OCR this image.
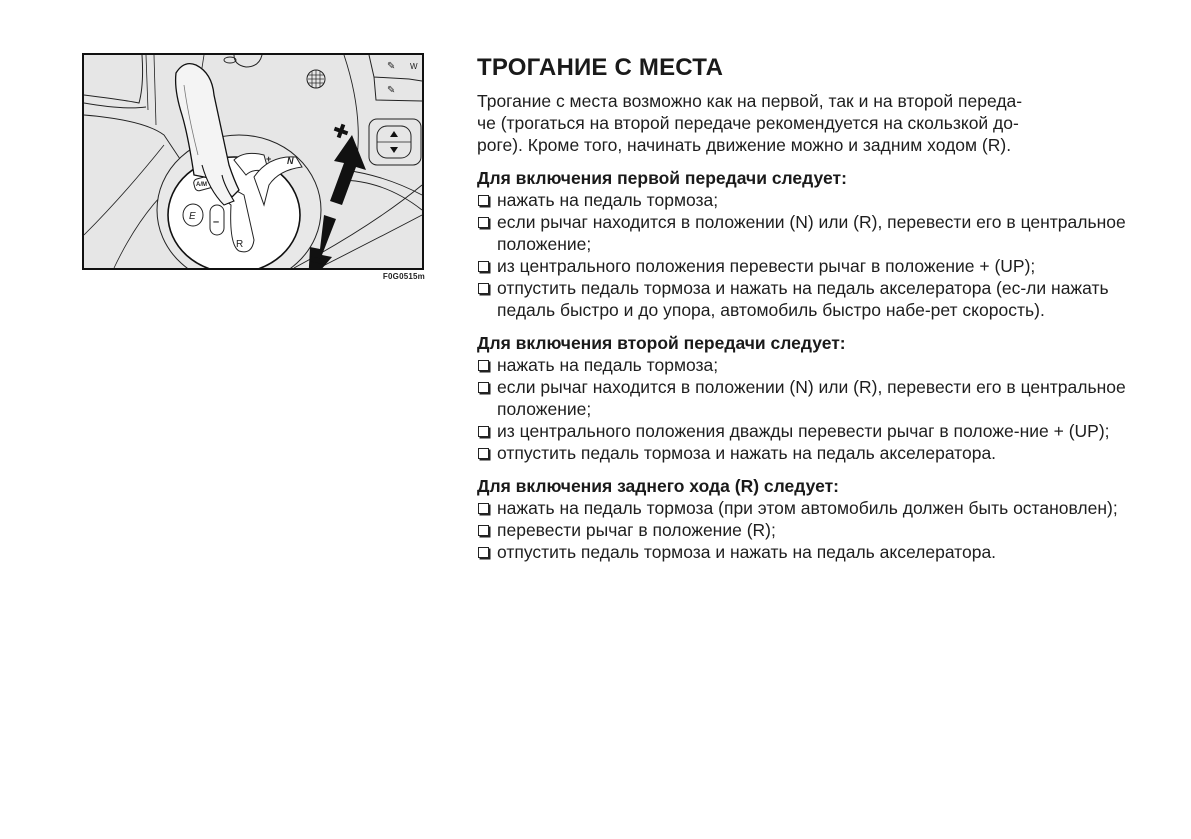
✎
✎
W
+ N
A/M
E –
R
F0G0515m
ТРОГАНИЕ С МЕСТА

Трогание с места возможно как на первой, так и на второй переда-
че (трогаться на второй передаче рекомендуется на скользкой до-
роге). Кроме того, начинать движение можно и задним ходом (R).

Для включения первой передачи следует:
нажать на педаль тормоза;
если рычаг находится в положении (N) или (R), перевести его в центральное положение;
из центрального положения перевести рычаг в положение + (UP);
отпустить педаль тормоза и нажать на педаль акселератора (ес-ли нажать педаль быстро и до упора, автомобиль быстро набе-рет скорость).
Для включения второй передачи следует:
нажать на педаль тормоза;
если рычаг находится в положении (N) или (R), перевести его в центральное положение;
из центрального положения дважды перевести рычаг в положе-ние + (UP);
отпустить педаль тормоза и нажать на педаль акселератора.
Для включения заднего хода (R) следует:
нажать на педаль тормоза (при этом автомобиль должен быть остановлен);
перевести рычаг в положение (R);
отпустить педаль тормоза и нажать на педаль акселератора.
